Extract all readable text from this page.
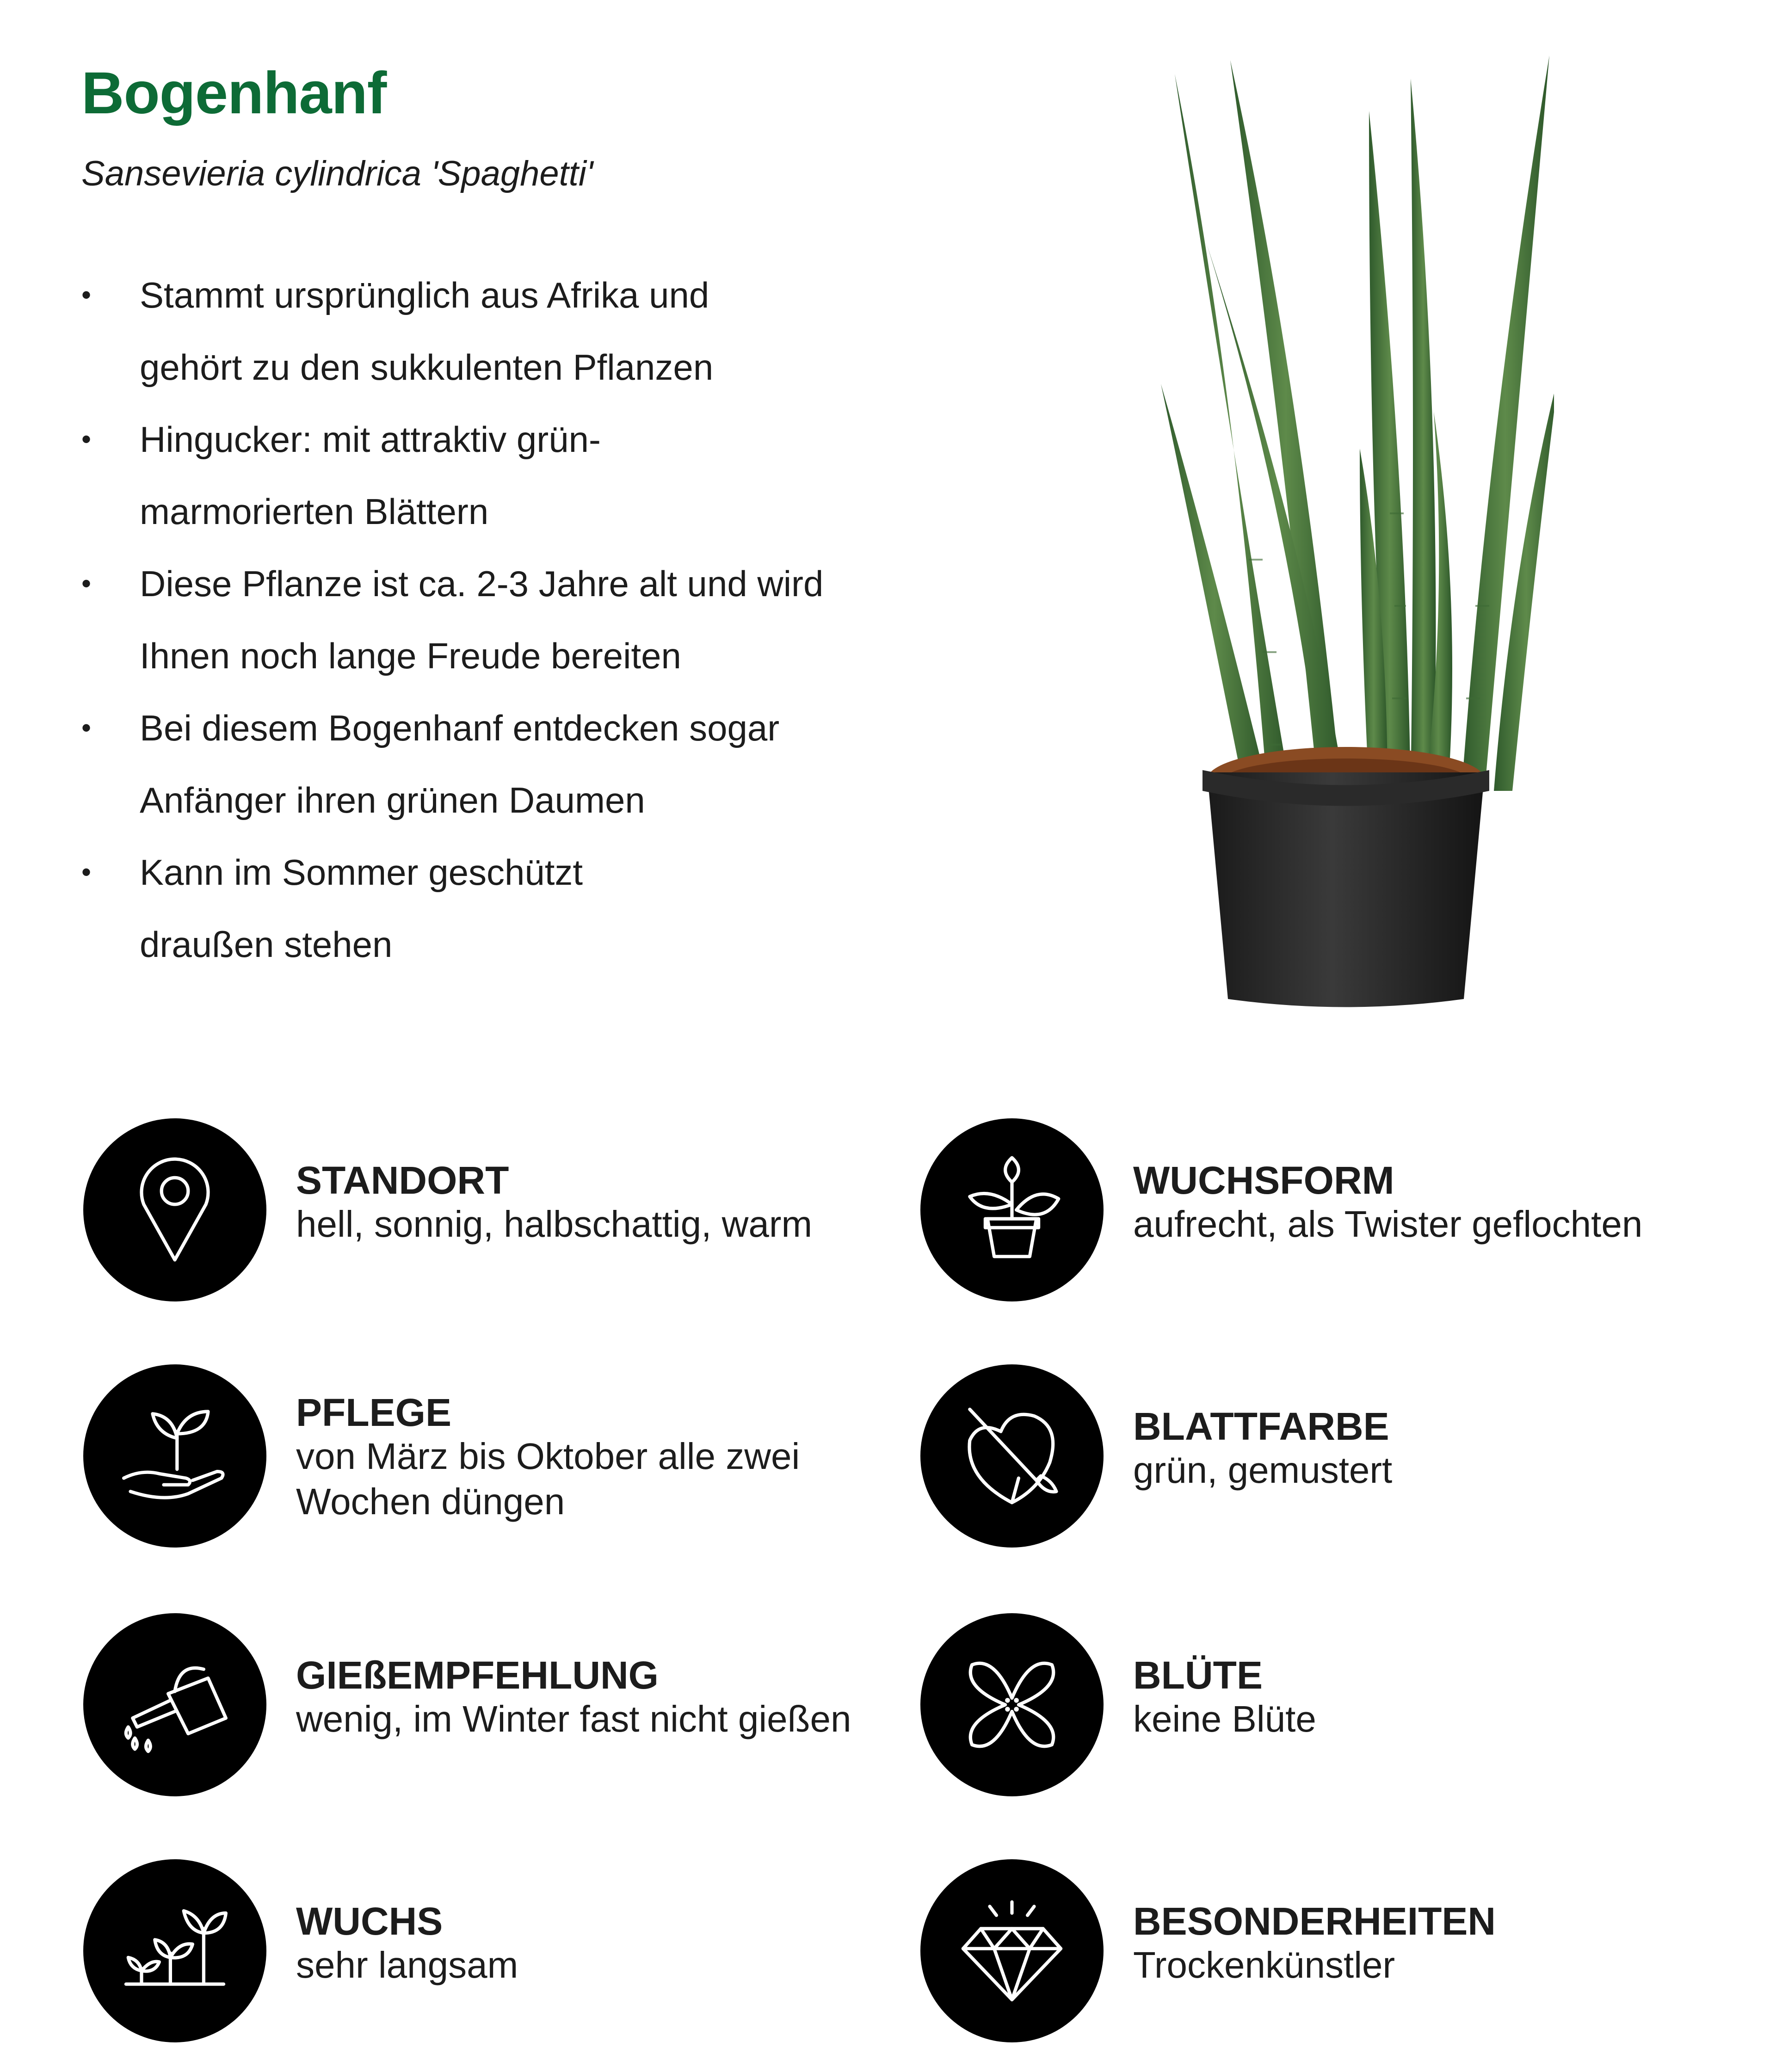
Bogenhanf

Sansevieria cylindrica 'Spaghetti'

• Stammt ursprünglich aus Afrika und
gehört zu den sukkulenten Pflanzen
• Hingucker: mit attraktiv grün-
marmorierten Blättern
• Diese Pflanze ist ca. 2-3 Jahre alt und wird
Ihnen noch lange Freude bereiten
• Bei diesem Bogenhanf entdecken sogar
Anfänger ihren grünen Daumen
• Kann im Sommer geschützt
draußen stehen
STANDORT

hell, sonnig, halbschattig, warm

WUCHSFORM

aufrecht, als Twister geflochten

PFLEGE

von März bis Oktober alle zwei
Wochen düngen

BLATTFARBE

grün, gemustert

GIEßEMPFEHLUNG

wenig, im Winter fast nicht gießen

BLÜTE

keine Blüte

WUCHS

sehr langsam

BESONDERHEITEN

Trockenkünstler
